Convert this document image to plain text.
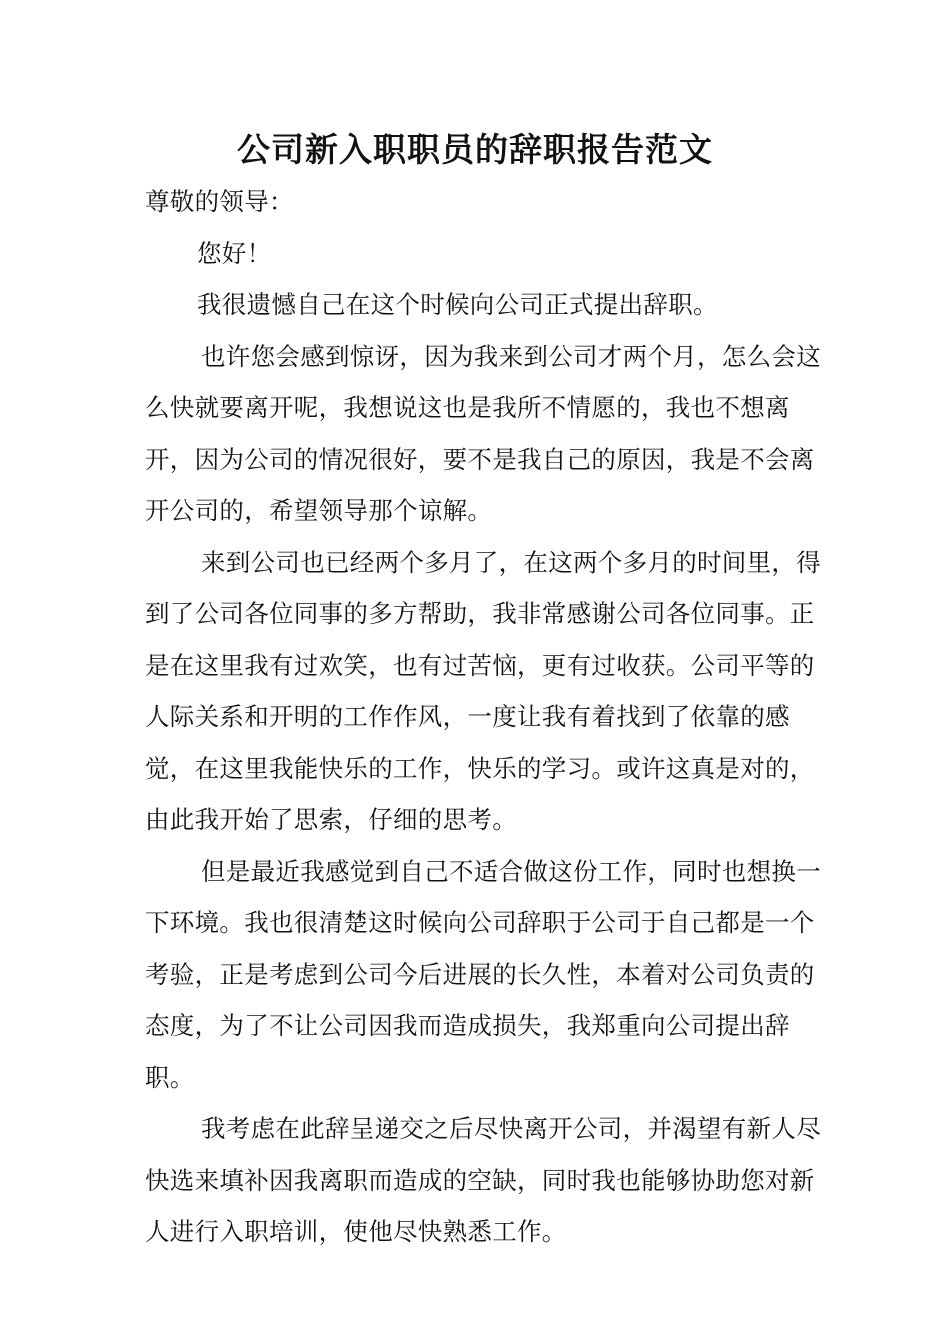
公司新入职职员的辞职报告范文

尊敬的领导：

您好！

我很遗憾自己在这个时候向公司正式提出辞职。

也许您会感到惊讶，因为我来到公司才两个月，怎么会这么快就要离开呢，我想说这也是我所不情愿的，我也不想离开，因为公司的情况很好，要不是我自己的原因，我是不会离开公司的，希望领导那个谅解。

来到公司也已经两个多月了，在这两个多月的时间里，得到了公司各位同事的多方帮助，我非常感谢公司各位同事。正是在这里我有过欢笑，也有过苦恼，更有过收获。公司平等的人际关系和开明的工作作风，一度让我有着找到了依靠的感觉，在这里我能快乐的工作，快乐的学习。或许这真是对的，由此我开始了思索，仔细的思考。

但是最近我感觉到自己不适合做这份工作，同时也想换一下环境。我也很清楚这时候向公司辞职于公司于自己都是一个考验，正是考虑到公司今后进展的长久性，本着对公司负责的态度，为了不让公司因我而造成损失，我郑重向公司提出辞职。

我考虑在此辞呈递交之后尽快离开公司，并渴望有新人尽快选来填补因我离职而造成的空缺，同时我也能够协助您对新人进行入职培训，使他尽快熟悉工作。
